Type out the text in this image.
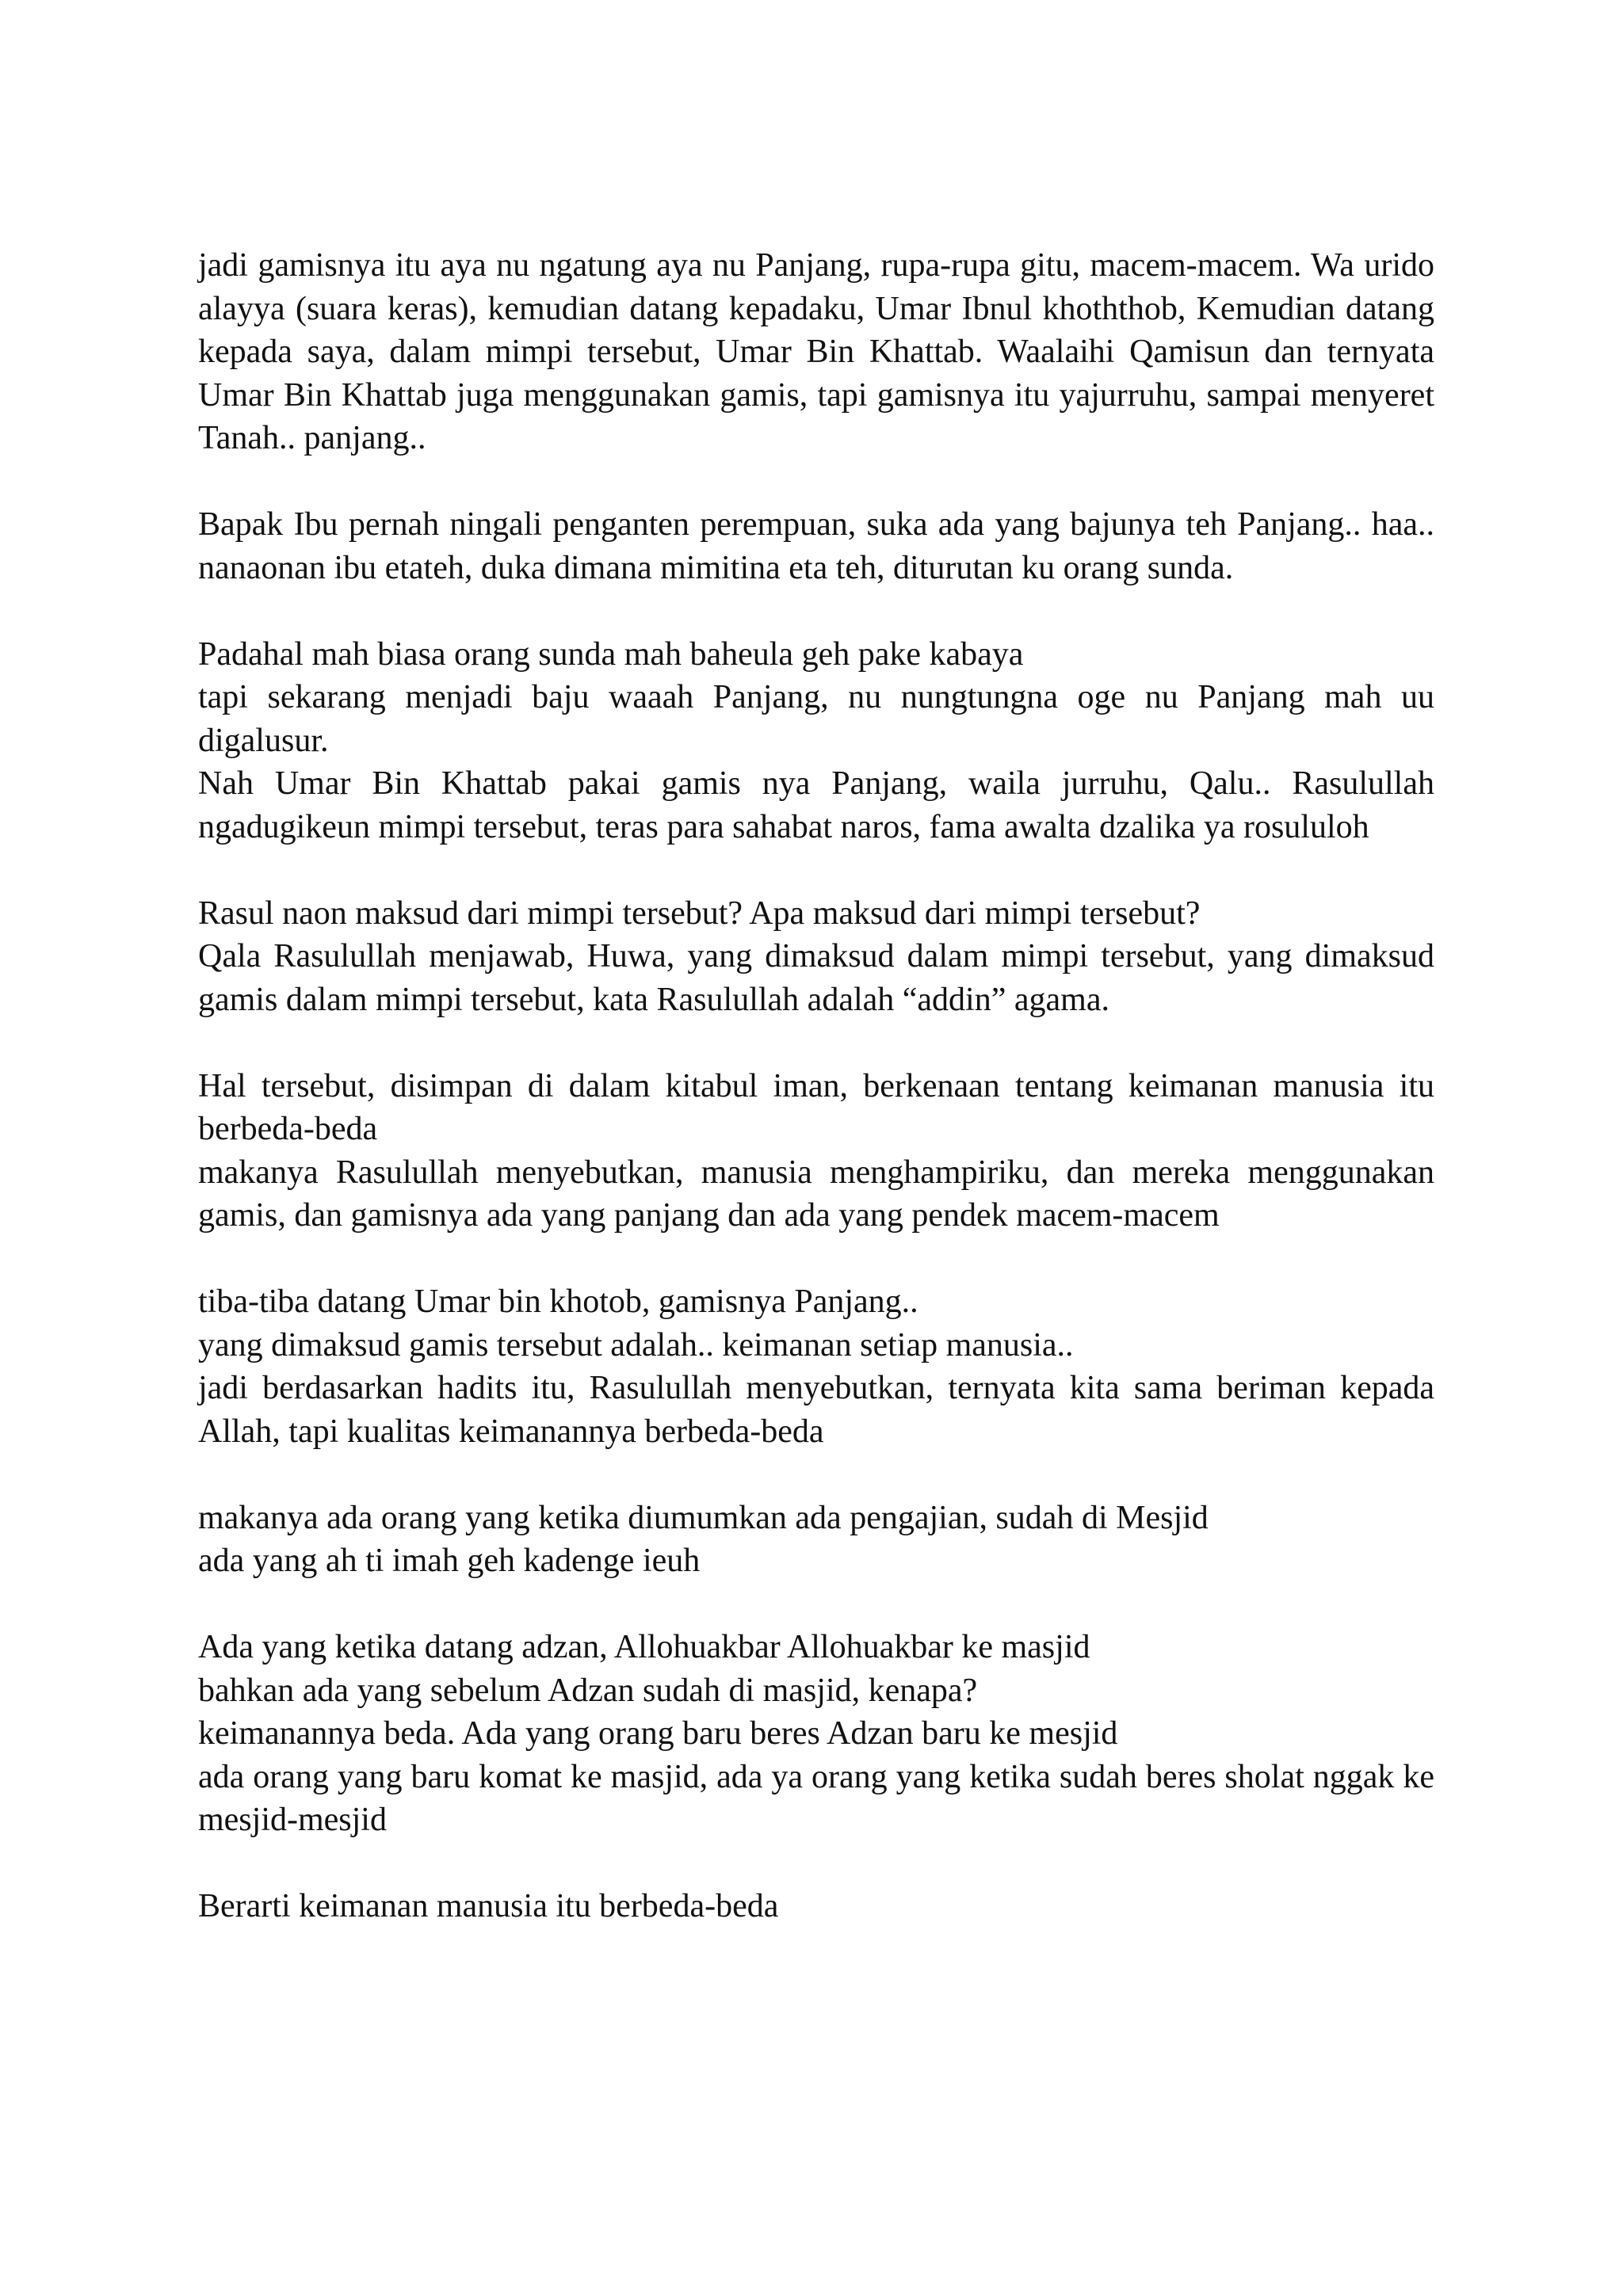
jadi gamisnya itu aya nu ngatung aya nu Panjang, rupa-rupa gitu, macem-macem. Wa urido alayya (suara keras), kemudian datang kepadaku, Umar Ibnul khoththob, Kemudian datang kepada saya, dalam mimpi tersebut, Umar Bin Khattab. Waalaihi Qamisun dan ternyata Umar Bin Khattab juga menggunakan gamis, tapi gamisnya itu yajurruhu, sampai menyeret Tanah.. panjang..
Bapak Ibu pernah ningali penganten perempuan, suka ada yang bajunya teh Panjang.. haa.. nanaonan ibu etateh, duka dimana mimitina eta teh, diturutan ku orang sunda.
Padahal mah biasa orang sunda mah baheula geh pake kabaya
tapi sekarang menjadi baju waaah Panjang, nu nungtungna oge nu Panjang mah uu digalusur.
Nah Umar Bin Khattab pakai gamis nya Panjang, waila jurruhu, Qalu.. Rasulullah ngadugikeun mimpi tersebut, teras para sahabat naros, fama awalta dzalika ya rosululoh
Rasul naon maksud dari mimpi tersebut? Apa maksud dari mimpi tersebut?
Qala Rasulullah menjawab, Huwa, yang dimaksud dalam mimpi tersebut, yang dimaksud gamis dalam mimpi tersebut, kata Rasulullah adalah “addin” agama.
Hal tersebut, disimpan di dalam kitabul iman, berkenaan tentang keimanan manusia itu berbeda-beda
makanya Rasulullah menyebutkan, manusia menghampiriku, dan mereka menggunakan gamis, dan gamisnya ada yang panjang dan ada yang pendek macem-macem
tiba-tiba datang Umar bin khotob, gamisnya Panjang..
yang dimaksud gamis tersebut adalah.. keimanan setiap manusia..
jadi berdasarkan hadits itu, Rasulullah menyebutkan, ternyata kita sama beriman kepada Allah, tapi kualitas keimanannya berbeda-beda
makanya ada orang yang ketika diumumkan ada pengajian, sudah di Mesjid
ada yang ah ti imah geh kadenge ieuh
Ada yang ketika datang adzan, Allohuakbar Allohuakbar ke masjid
bahkan ada yang sebelum Adzan sudah di masjid, kenapa?
keimanannya beda. Ada yang orang baru beres Adzan baru ke mesjid
ada orang yang baru komat ke masjid, ada ya orang yang ketika sudah beres sholat nggak ke mesjid-mesjid
Berarti keimanan manusia itu berbeda-beda
